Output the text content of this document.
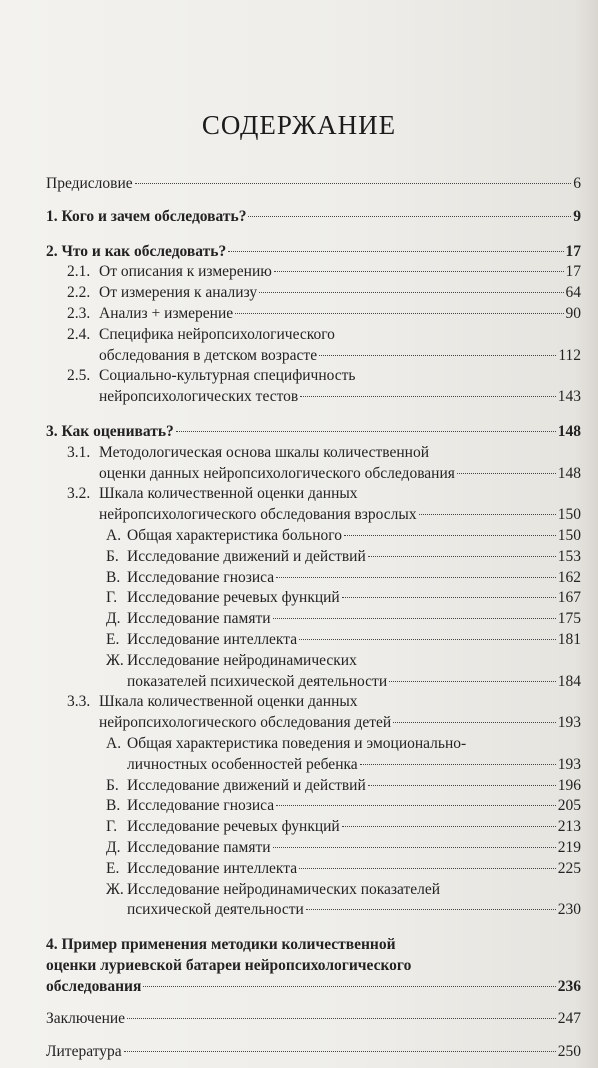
СОДЕРЖАНИЕ
Предисловие	6
1. Кого и зачем обследовать?	9
2. Что и как обследовать?	17
2.1. От описания к измерению	17
2.2. От измерения к анализу	64
2.3. Анализ + измерение	90
2.4. Специфика нейропсихологического
обследования в детском возрасте	112
2.5. Социально-культурная специфичность
нейропсихологических тестов	143
3. Как оценивать?	148
3.1. Методологическая основа шкалы количественной
оценки данных нейропсихологического обследования	148
3.2. Шкала количественной оценки данных
нейропсихологического обследования взрослых	150
А. Общая характеристика больного	150
Б. Исследование движений и действий	153
В. Исследование гнозиса	162
Г. Исследование речевых функций	167
Д. Исследование памяти	175
Е. Исследование интеллекта	181
Ж. Исследование нейродинамических
показателей психической деятельности	184
3.3. Шкала количественной оценки данных
нейропсихологического обследования детей	193
А. Общая характеристика поведения и эмоционально-
личностных особенностей ребенка	193
Б. Исследование движений и действий	196
В. Исследование гнозиса	205
Г. Исследование речевых функций	213
Д. Исследование памяти	219
Е. Исследование интеллекта	225
Ж. Исследование нейродинамических показателей
психической деятельности	230
4. Пример применения методики количественной
оценки луриевской батареи нейропсихологического
обследования	236
Заключение	247
Литература	250
